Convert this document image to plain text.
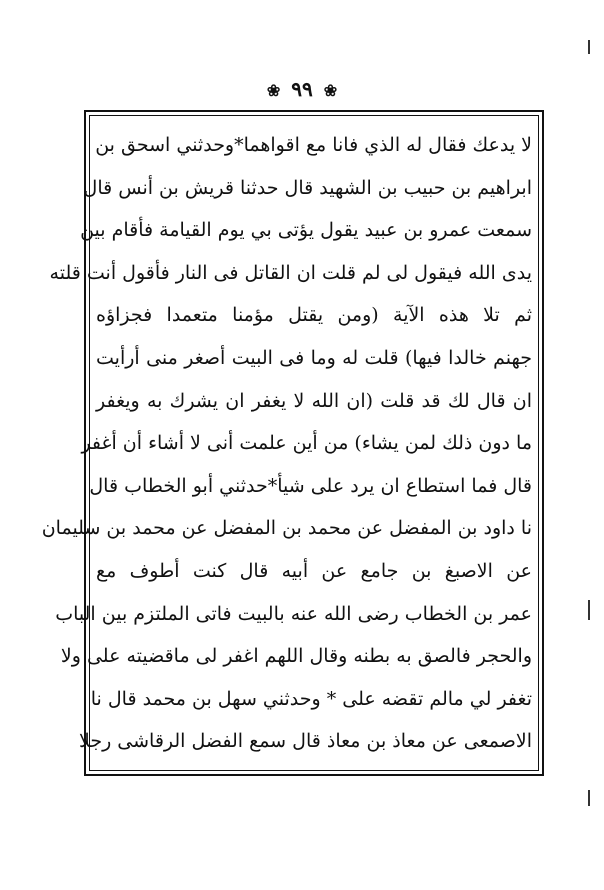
❀ ٩٩ ❀
لا يدعك فقال له الذي فانا مع اقواهما*وحدثني اسحق بن
ابراهيم بن حبيب بن الشهيد قال حدثنا قريش بن أنس قال
سمعت عمرو بن عبيد يقول يؤتى بي يوم القيامة فأقام بين
يدى الله فيقول لى لم قلت ان القاتل فى النار فأقول أنت قلته
ثم تلا هذه الآية (ومن يقتل مؤمنا متعمدا فجزاؤه
جهنم خالدا فيها) قلت له وما فى البيت أصغر منى أرأيت
ان قال لك قد قلت (ان الله لا يغفر ان يشرك به ويغفر
ما دون ذلك لمن يشاء) من أين علمت أنى لا أشاء أن أغفر
قال فما استطاع ان يرد على شيأ*حدثني أبو الخطاب قال
نا داود بن المفضل عن محمد بن المفضل عن محمد بن سليمان
عن الاصبغ بن جامع عن أبيه قال كنت أطوف مع
عمر بن الخطاب رضى الله عنه بالبيت فاتى الملتزم بين الباب
والحجر فالصق به بطنه وقال اللهم اغفر لى ماقضيته على ولا
تغفر لي مالم تقضه على * وحدثني سهل بن محمد قال نا
الاصمعى عن معاذ بن معاذ قال سمع الفضل الرقاشى رجلا
